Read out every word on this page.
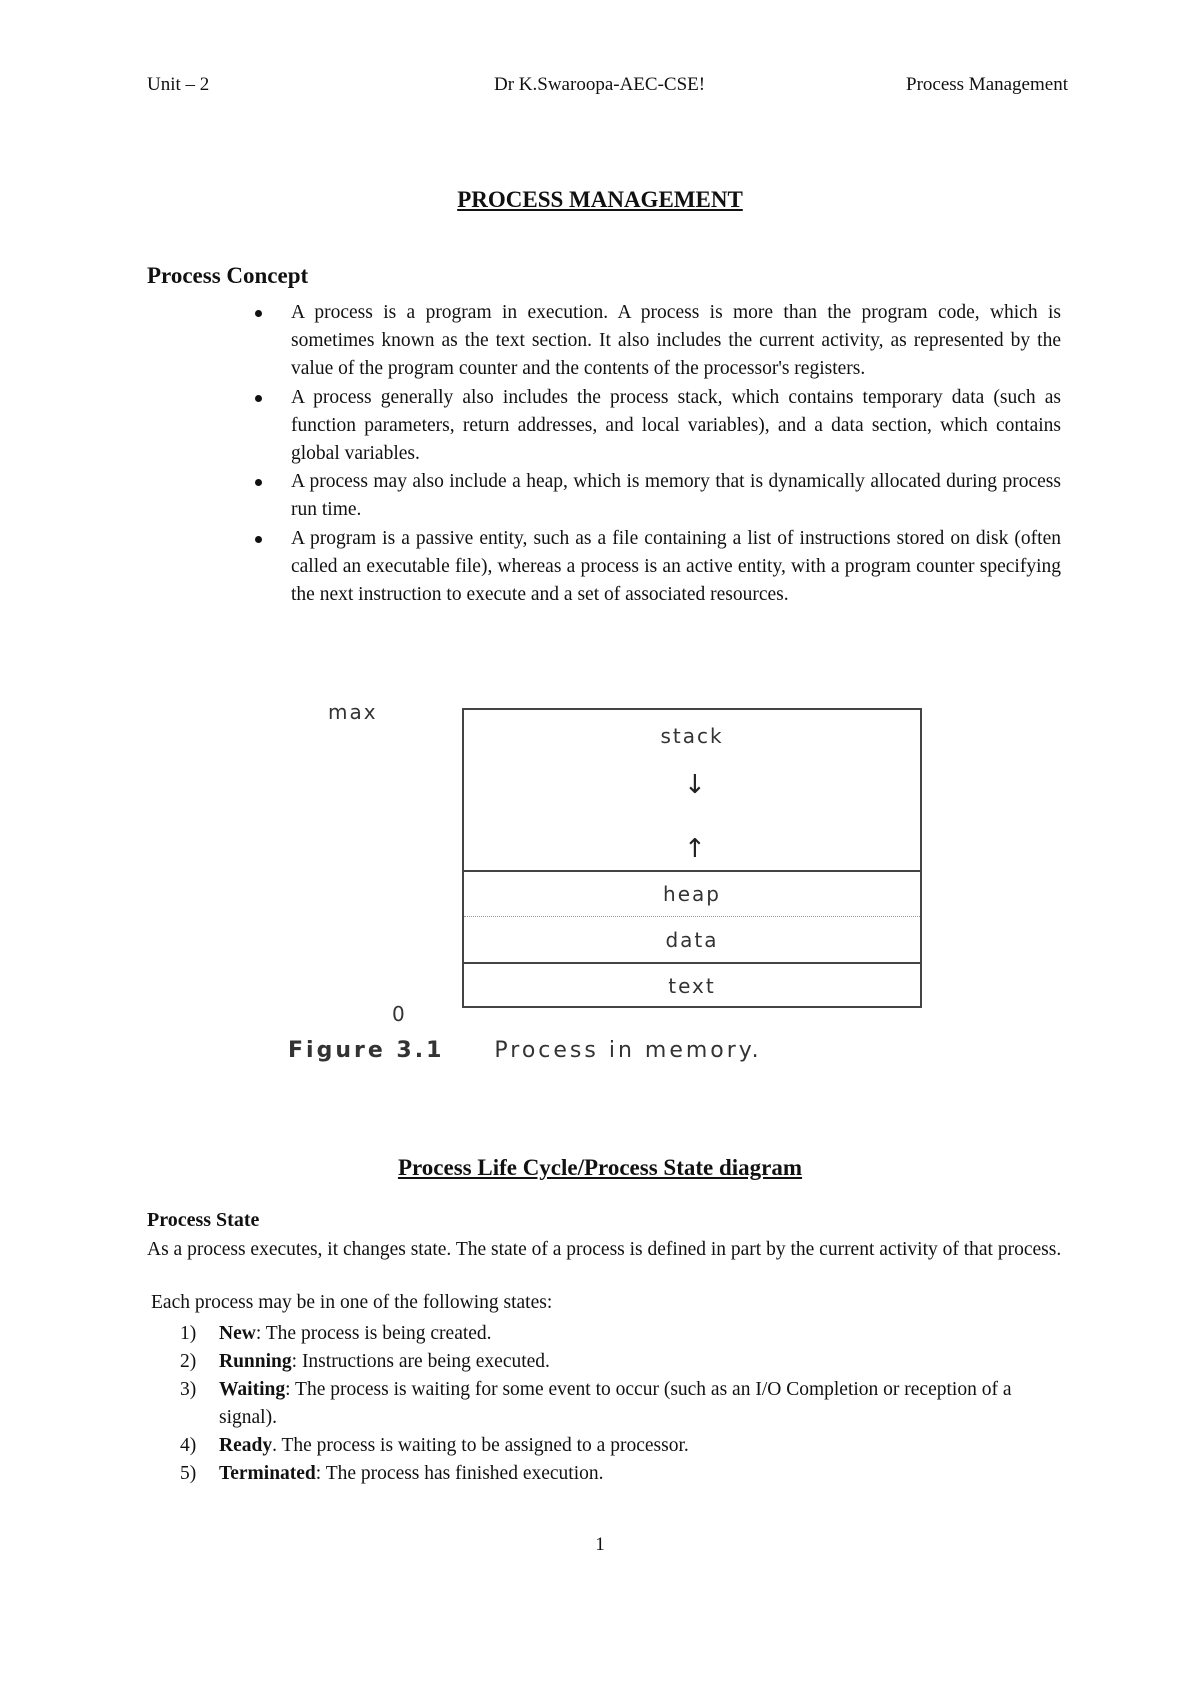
Unit – 2	Dr K.Swaroopa-AEC-CSE!	Process Management
PROCESS MANAGEMENT
Process Concept
A process is a program in execution. A process is more than the program code, which is sometimes known as the text section. It also includes the current activity, as represented by the value of the program counter and the contents of the processor's registers.
A process generally also includes the process stack, which contains temporary data (such as function parameters, return addresses, and local variables), and a data section, which contains global variables.
A process may also include a heap, which is memory that is dynamically allocated during process run time.
A program is a passive entity, such as a file containing a list of instructions stored on disk (often called an executable file), whereas a process is an active entity, with a program counter specifying the next instruction to execute and a set of associated resources.
max
stack
↓
↑
heap
data
text
0
Figure 3.1 Process in memory.
Process Life Cycle/Process State diagram
Process State

As a process executes, it changes state. The state of a process is defined in part by the current activity of that process.

Each process may be in one of the following states:
1) New: The process is being created.
2) Running: Instructions are being executed.
3) Waiting: The process is waiting for some event to occur (such as an I/O Completion or reception of a signal).
4) Ready. The process is waiting to be assigned to a processor.
5) Terminated: The process has finished execution.
1
